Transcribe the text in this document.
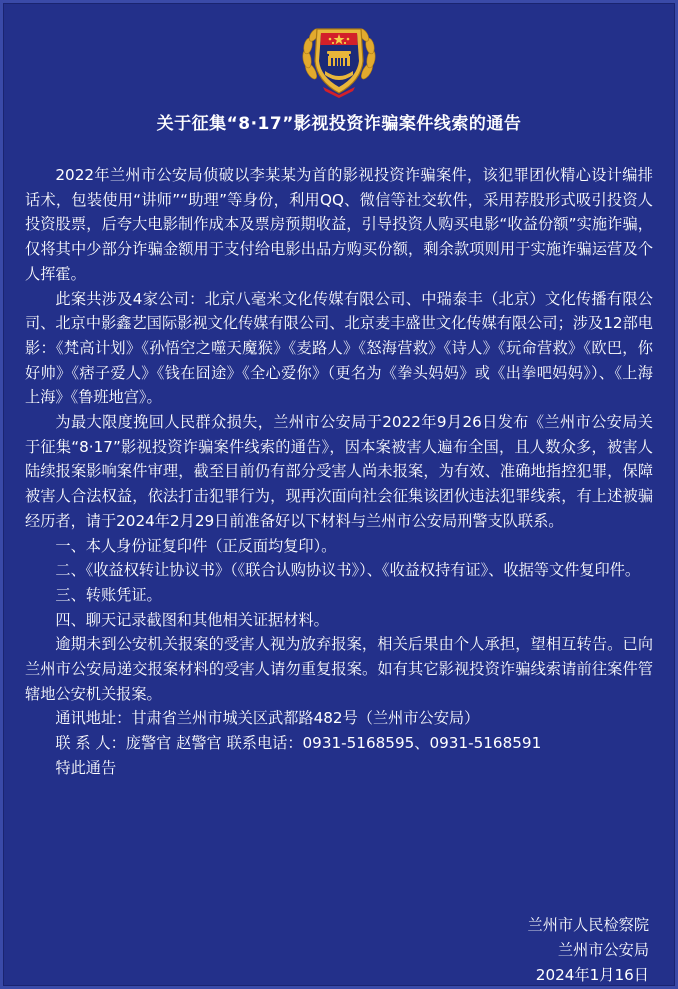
关于征集“8·17”影视投资诈骗案件线索的通告

2022年兰州市公安局侦破以李某某为首的影视投资诈骗案件，该犯罪团伙精心设计编排话术，包装使用“讲师”“助理”等身份，利用QQ、微信等社交软件，采用荐股形式吸引投资人投资股票，后夸大电影制作成本及票房预期收益，引导投资人购买电影“收益份额”实施诈骗，仅将其中少部分诈骗金额用于支付给电影出品方购买份额，剩余款项则用于实施诈骗运营及个人挥霍。

此案共涉及4家公司：北京八毫米文化传媒有限公司、中瑞泰丰（北京）文化传播有限公司、北京中影鑫艺国际影视文化传媒有限公司、北京麦丰盛世文化传媒有限公司；涉及12部电影：《梵高计划》《孙悟空之噬天魔猴》《麦路人》《怒海营救》《诗人》《玩命营救》《欧巴，你好帅》《痞子爱人》《钱在囧途》《全心爱你》（更名为《拳头妈妈》或《出拳吧妈妈》）、《上海上海》《鲁班地宫》。

为最大限度挽回人民群众损失，兰州市公安局于2022年9月26日发布《兰州市公安局关于征集“8·17”影视投资诈骗案件线索的通告》，因本案被害人遍布全国，且人数众多，被害人陆续报案影响案件审理，截至目前仍有部分受害人尚未报案，为有效、准确地指控犯罪，保障被害人合法权益，依法打击犯罪行为，现再次面向社会征集该团伙违法犯罪线索，有上述被骗经历者，请于2024年2月29日前准备好以下材料与兰州市公安局刑警支队联系。

一、本人身份证复印件（正反面均复印）。

二、《收益权转让协议书》（《联合认购协议书》）、《收益权持有证》、收据等文件复印件。

三、转账凭证。

四、聊天记录截图和其他相关证据材料。

逾期未到公安机关报案的受害人视为放弃报案，相关后果由个人承担，望相互转告。已向兰州市公安局递交报案材料的受害人请勿重复报案。如有其它影视投资诈骗线索请前往案件管辖地公安机关报案。

通讯地址：甘肃省兰州市城关区武都路482号（兰州市公安局）

联 系 人：庞警官 赵警官 联系电话：0931-5168595、0931-5168591

特此通告

兰州市人民检察院
兰州市公安局
2024年1月16日
